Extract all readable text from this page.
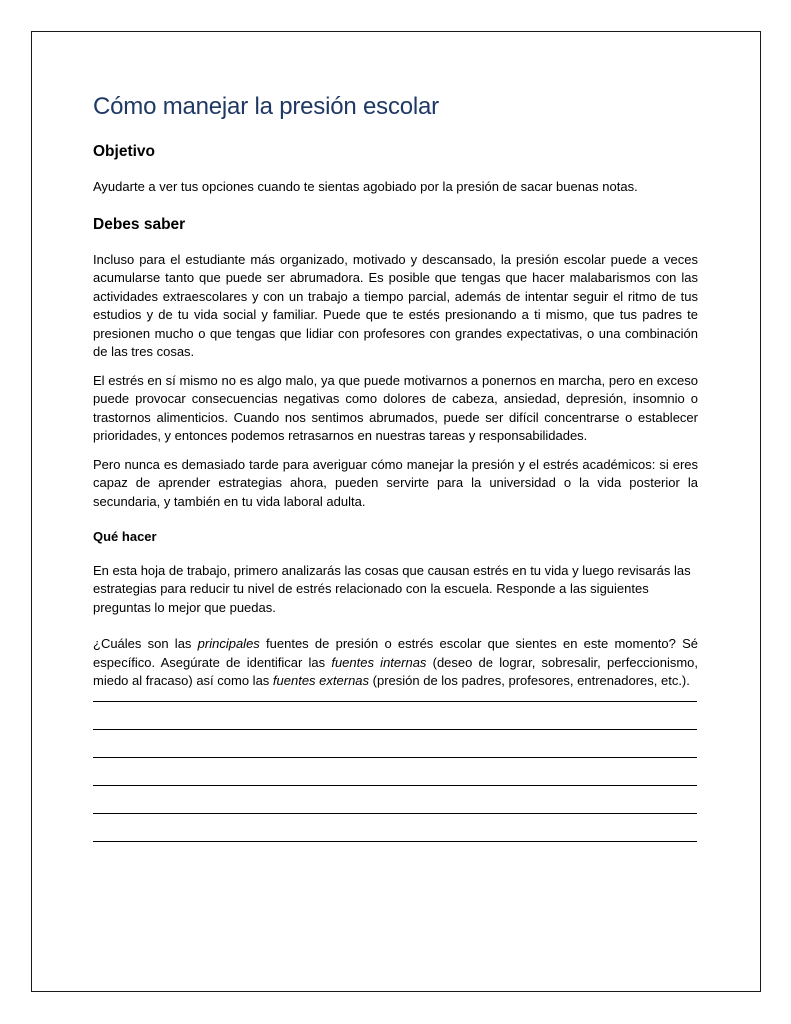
Cómo manejar la presión escolar
Objetivo

Ayudarte a ver tus opciones cuando te sientas agobiado por la presión de sacar buenas notas.

Debes saber

Incluso para el estudiante más organizado, motivado y descansado, la presión escolar puede a veces acumularse tanto que puede ser abrumadora. Es posible que tengas que hacer malabarismos con las actividades extraescolares y con un trabajo a tiempo parcial, además de intentar seguir el ritmo de tus estudios y de tu vida social y familiar. Puede que te estés presionando a ti mismo, que tus padres te presionen mucho o que tengas que lidiar con profesores con grandes expectativas, o una combinación de las tres cosas.

El estrés en sí mismo no es algo malo, ya que puede motivarnos a ponernos en marcha, pero en exceso puede provocar consecuencias negativas como dolores de cabeza, ansiedad, depresión, insomnio o trastornos alimenticios. Cuando nos sentimos abrumados, puede ser difícil concentrarse o establecer prioridades, y entonces podemos retrasarnos en nuestras tareas y responsabilidades.

Pero nunca es demasiado tarde para averiguar cómo manejar la presión y el estrés académicos: si eres capaz de aprender estrategias ahora, pueden servirte para la universidad o la vida posterior la secundaria, y también en tu vida laboral adulta.

Qué hacer

En esta hoja de trabajo, primero analizarás las cosas que causan estrés en tu vida y luego revisarás las estrategias para reducir tu nivel de estrés relacionado con la escuela. Responde a las siguientes preguntas lo mejor que puedas.

¿Cuáles son las principales fuentes de presión o estrés escolar que sientes en este momento? Sé específico. Asegúrate de identificar las fuentes internas (deseo de lograr, sobresalir, perfeccionismo, miedo al fracaso) así como las fuentes externas (presión de los padres, profesores, entrenadores, etc.).
